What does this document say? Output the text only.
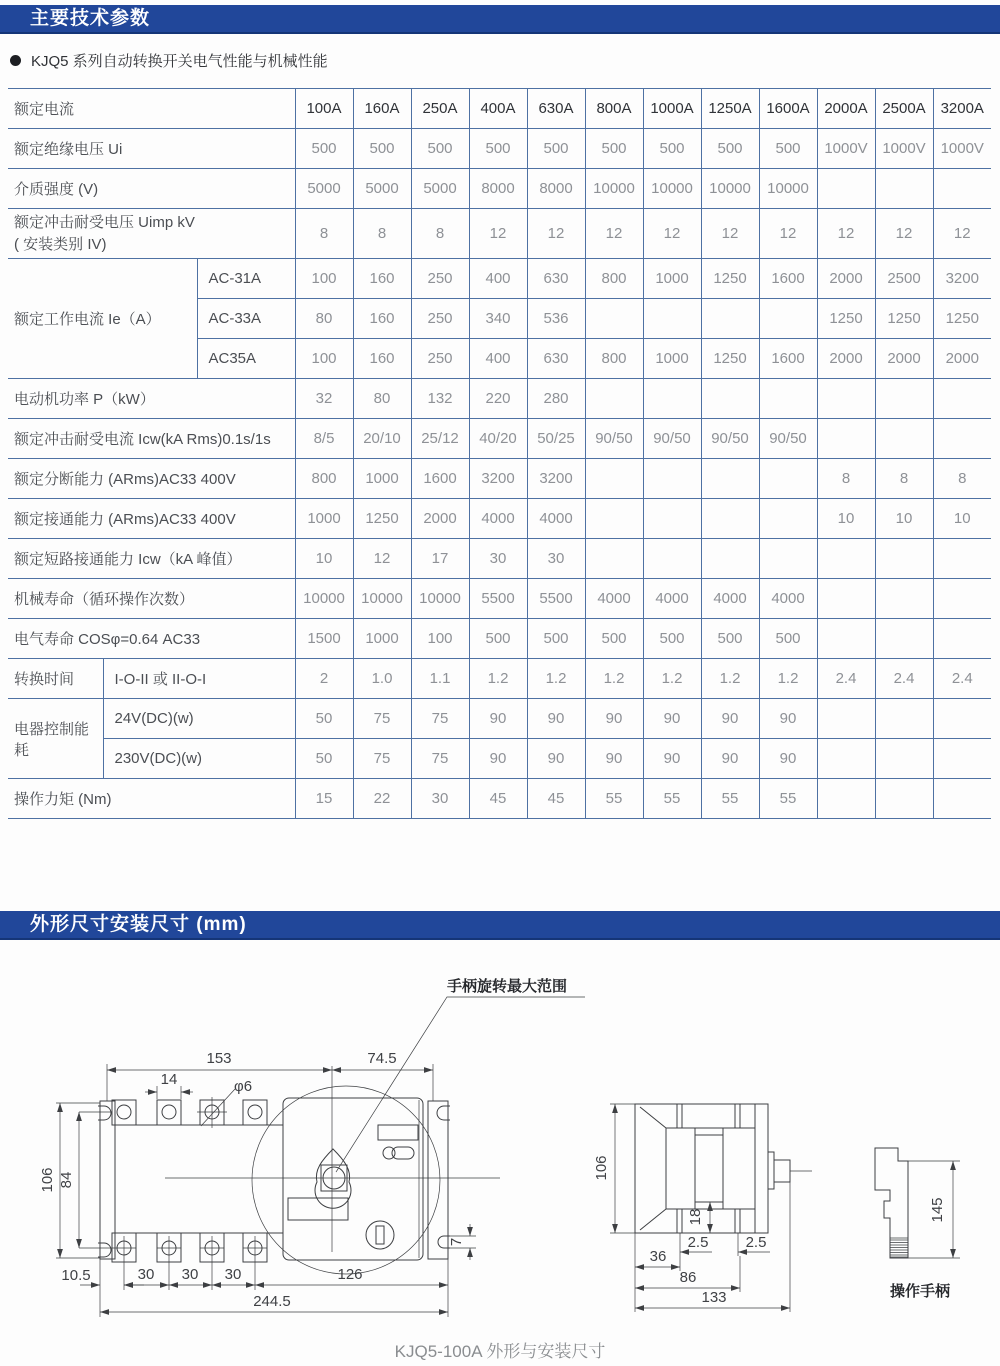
主要技术参数
KJQ5 系列自动转换开关电气性能与机械性能
额定电流			100A	160A	250A	400A	630A	800A	1000A	1250A	1600A	2000A	2500A	3200A
额定绝缘电压 Ui			500	500	500	500	500	500	500	500	500	1000V	1000V	1000V
介质强度 (V)			5000	5000	5000	8000	8000	10000	10000	10000	10000			

额定冲击耐受电压 Uimp kV
( 安装类别 IV)			8	8	8	12	12	12	12	12	12	12	12	12
额定工作电流 Ie（A）		AC-31A	100	160	250	400	630	800	1000	1250	1600	2000	2500	3200
		AC-33A	80	160	250	340	536					1250	1250	1250
		AC35A	100	160	250	400	630	800	1000	1250	1600	2000	2000	2000
电动机功率 P（kW）			32	80	132	220	280							
额定冲击耐受电流 Icw(kA Rms)0.1s/1s			8/5	20/10	25/12	40/20	50/25	90/50	90/50	90/50	90/50			
额定分断能力 (ARms)AC33 400V			800	1000	1600	3200	3200					8	8	8
额定接通能力 (ARms)AC33 400V			1000	1250	2000	4000	4000					10	10	10
额定短路接通能力 Icw（kA 峰值）			10	12	17	30	30							
机械寿命（循环操作次数）			10000	10000	10000	5500	5500	4000	4000	4000	4000			
电气寿命 COSφ=0.64 AC33			1500	1000	100	500	500	500	500	500	500			
转换时间	I-O-II 或 II-O-I		2	1.0	1.1	1.2	1.2	1.2	1.2	1.2	1.2	2.4	2.4	2.4
电器控制能耗	24V(DC)(w)		50	75	75	90	90	90	90	90	90			
	230V(DC)(w)		50	75	75	90	90	90	90	90	90			
操作力矩 (Nm)			15	22	30	45	45	55	55	55	55			
外形尺寸安装尺寸 (mm)
手柄旋转最大范围
φ6
153	74.5
14
106 84
7
10.5	30 30 30	126
244.5
106
18
2.5 2.5
36
86
133
145
操作手柄
KJQ5-100A 外形与安装尺寸
